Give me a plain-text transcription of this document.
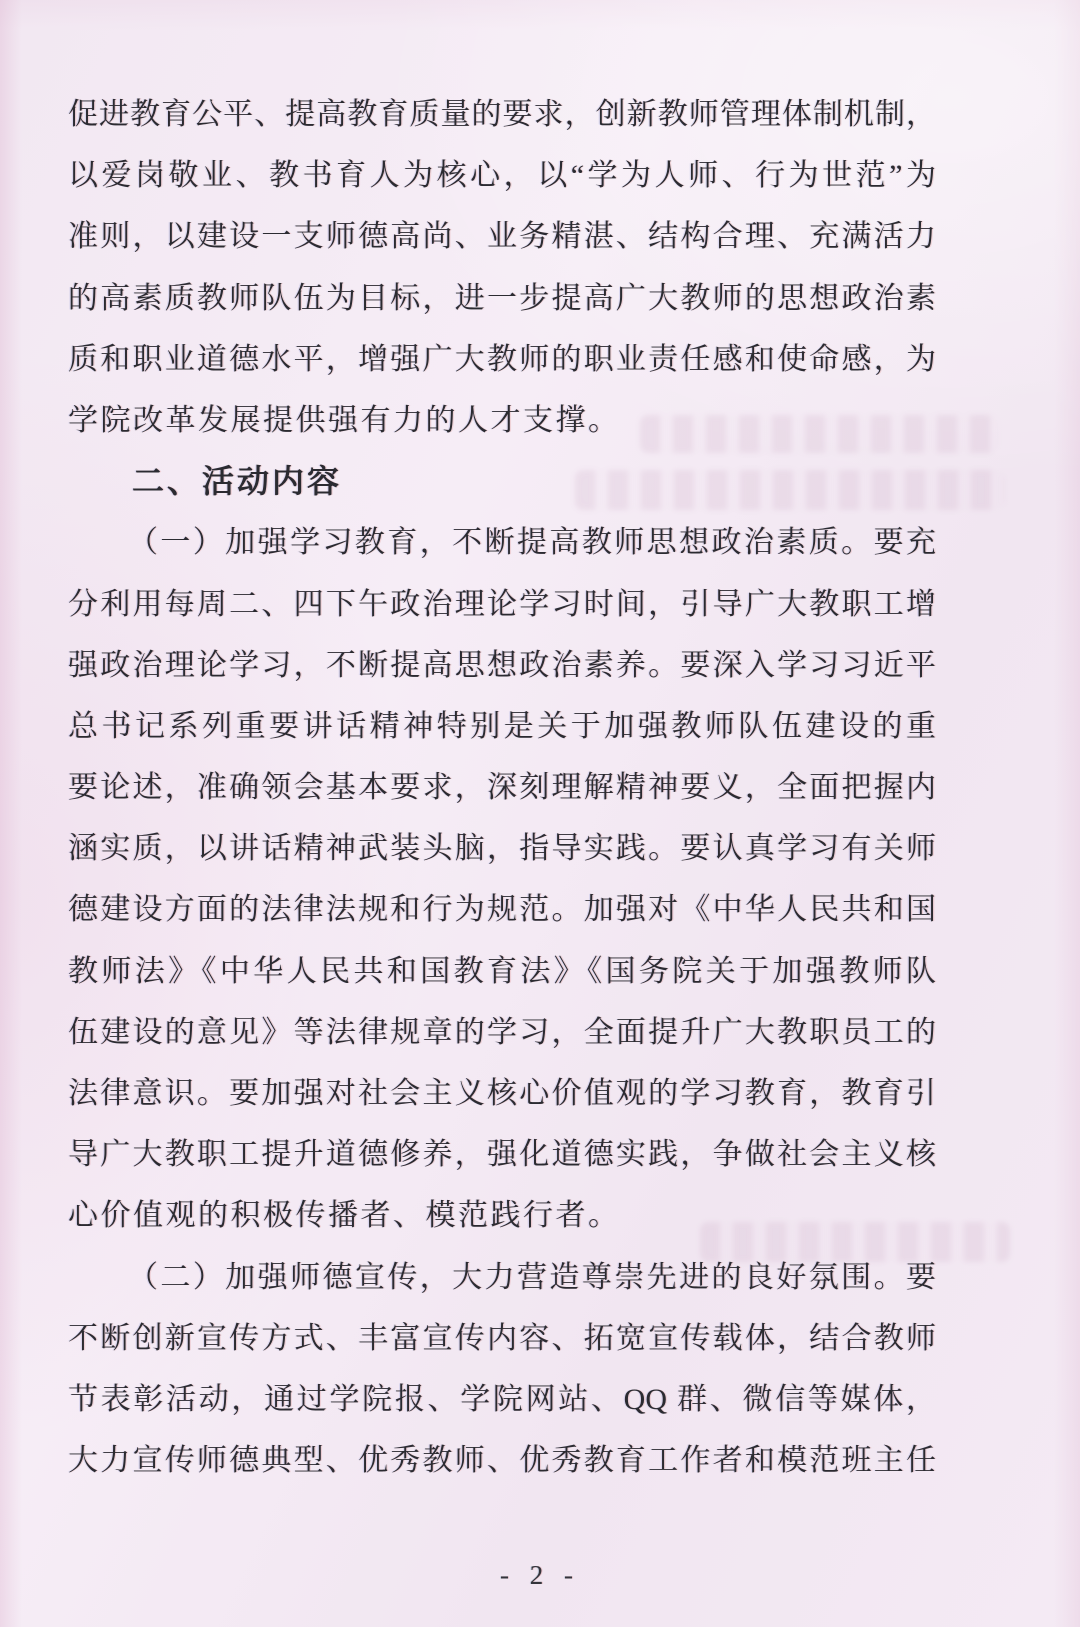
促进教育公平、提高教育质量的要求，创新教师管理体制机制，
以爱岗敬业、教书育人为核心，以“学为人师、行为世范”为
准则，以建设一支师德高尚、业务精湛、结构合理、充满活力
的高素质教师队伍为目标，进一步提高广大教师的思想政治素
质和职业道德水平，增强广大教师的职业责任感和使命感，为
学院改革发展提供强有力的人才支撑。
二、活动内容
（一）加强学习教育，不断提高教师思想政治素质。要充
分利用每周二、四下午政治理论学习时间，引导广大教职工增
强政治理论学习，不断提高思想政治素养。要深入学习习近平
总书记系列重要讲话精神特别是关于加强教师队伍建设的重
要论述，准确领会基本要求，深刻理解精神要义，全面把握内
涵实质，以讲话精神武装头脑，指导实践。要认真学习有关师
德建设方面的法律法规和行为规范。加强对《中华人民共和国
教师法》《中华人民共和国教育法》《国务院关于加强教师队
伍建设的意见》等法律规章的学习，全面提升广大教职员工的
法律意识。要加强对社会主义核心价值观的学习教育，教育引
导广大教职工提升道德修养，强化道德实践，争做社会主义核
心价值观的积极传播者、模范践行者。
（二）加强师德宣传，大力营造尊崇先进的良好氛围。要
不断创新宣传方式、丰富宣传内容、拓宽宣传载体，结合教师
节表彰活动，通过学院报、学院网站、QQ 群、微信等媒体，
大力宣传师德典型、优秀教师、优秀教育工作者和模范班主任
- 2 -
